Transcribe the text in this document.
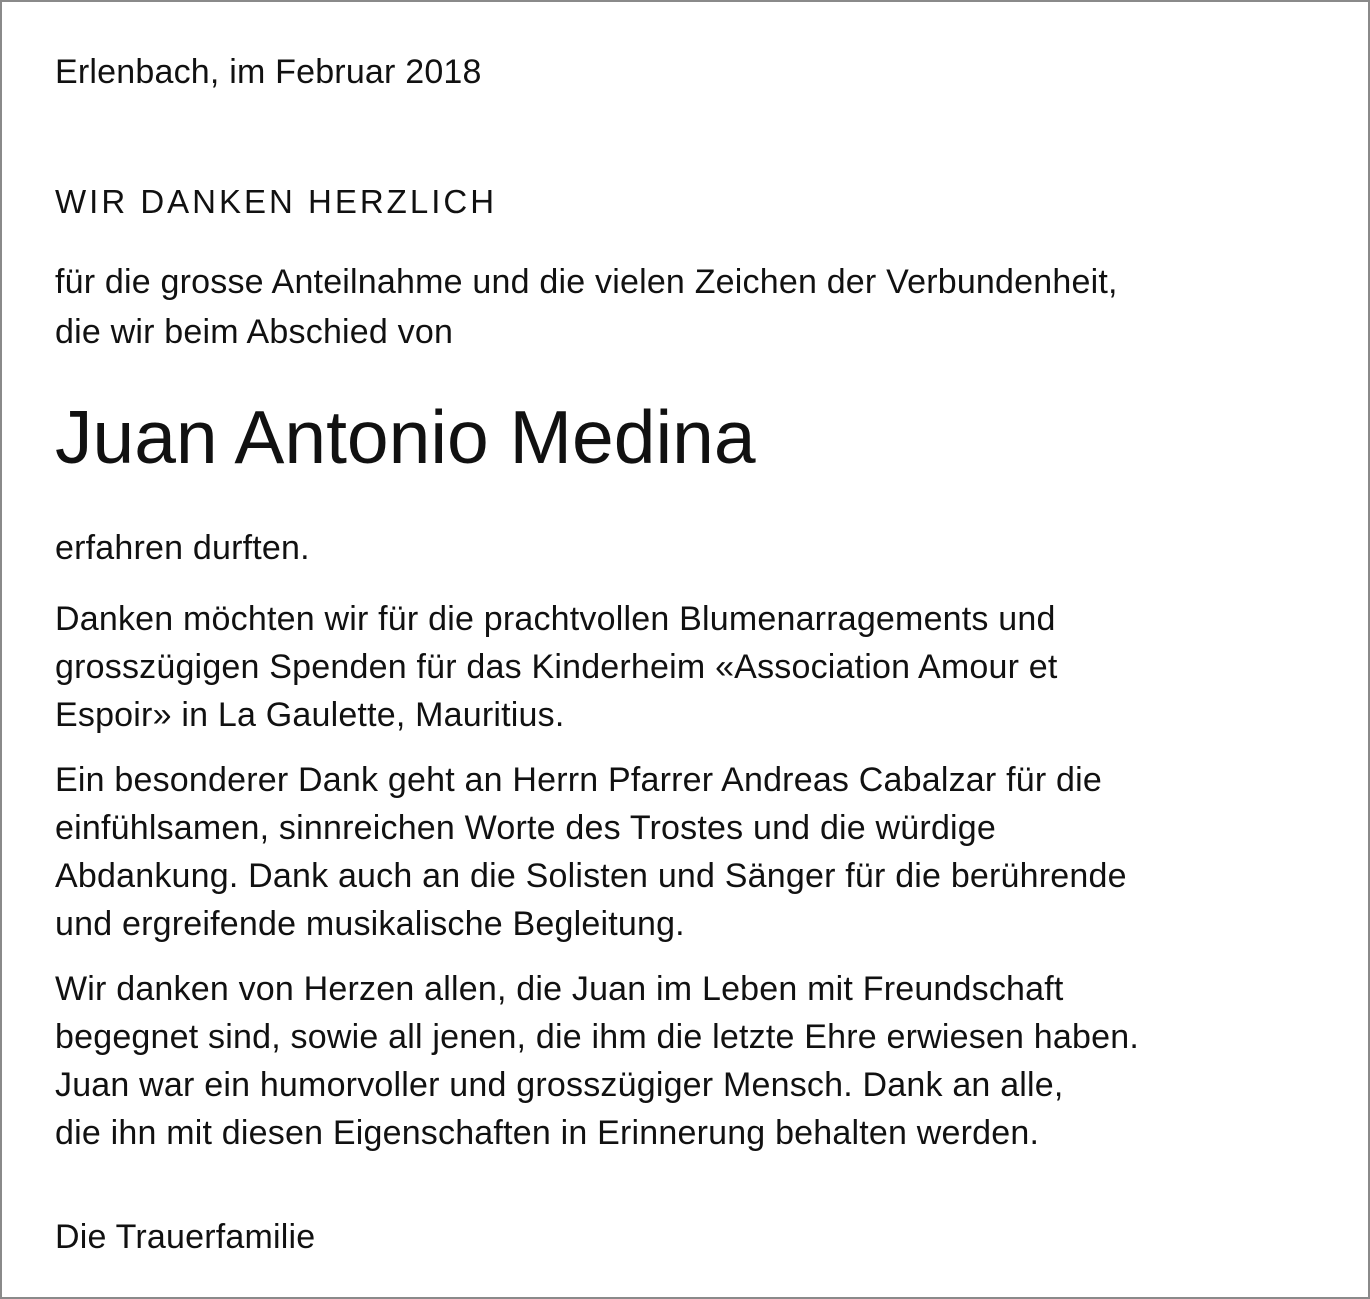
Erlenbach, im Februar 2018

WIR DANKEN HERZLICH

für die grosse Anteilnahme und die vielen Zeichen der Verbundenheit,

die wir beim Abschied von

Juan Antonio Medina

erfahren durften.

Danken möchten wir für die prachtvollen Blumenarragements und

grosszügigen Spenden für das Kinderheim «Association Amour et

Espoir» in La Gaulette, Mauritius.

Ein besonderer Dank geht an Herrn Pfarrer Andreas Cabalzar für die

einfühlsamen, sinnreichen Worte des Trostes und die würdige

Abdankung. Dank auch an die Solisten und Sänger für die berührende

und ergreifende musikalische Begleitung.

Wir danken von Herzen allen, die Juan im Leben mit Freundschaft

begegnet sind, sowie all jenen, die ihm die letzte Ehre erwiesen haben.

Juan war ein humorvoller und grosszügiger Mensch. Dank an alle,

die ihn mit diesen Eigenschaften in Erinnerung behalten werden.

Die Trauerfamilie
